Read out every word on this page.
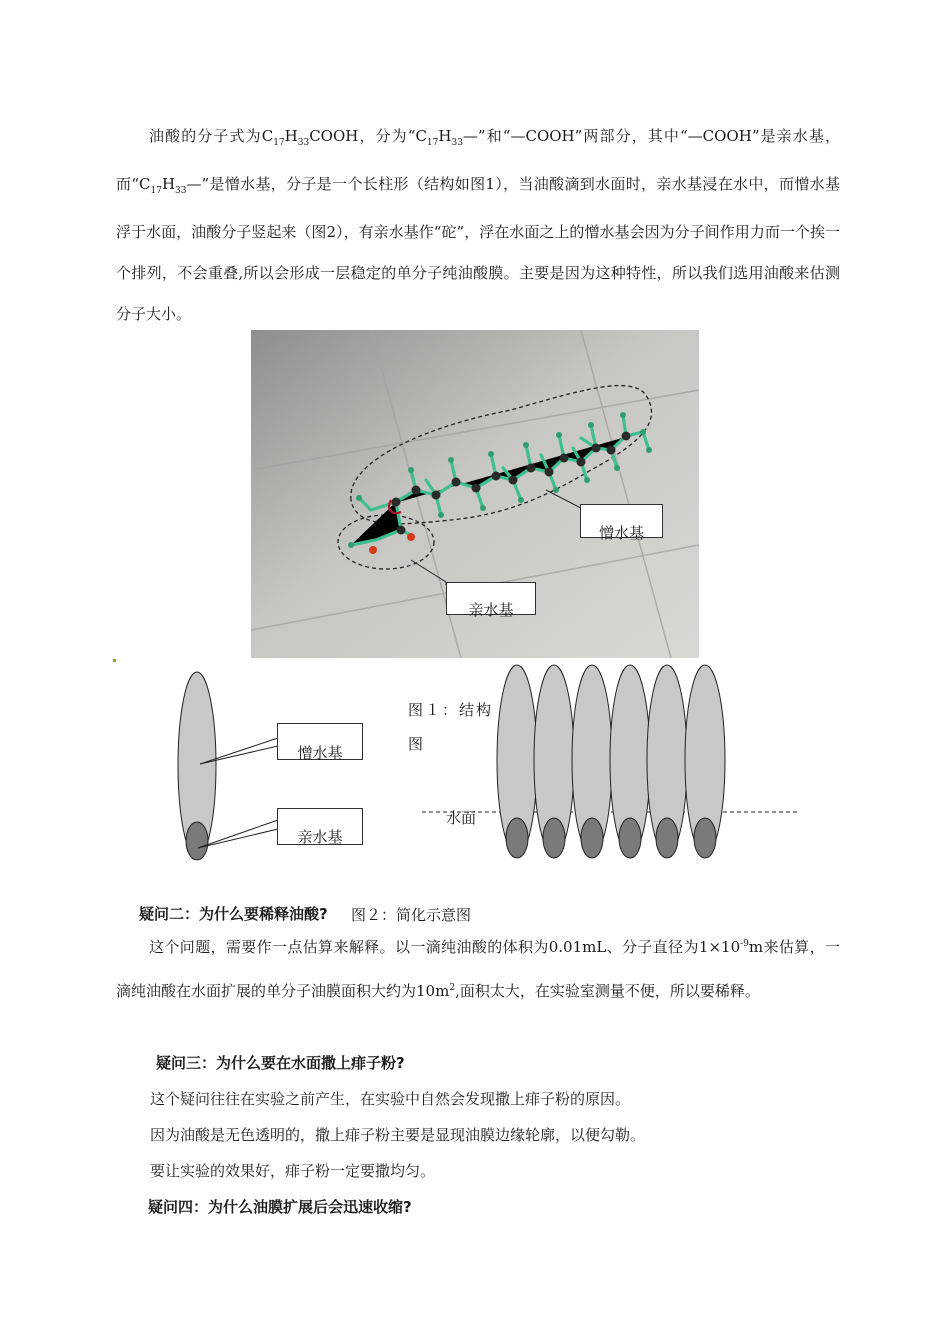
油酸的分子式为$C_{17}H_{33}COOH$，分为“$C_{17}H_{33}—$”和“—COOH”两部分，其中“—COOH”是亲水基，而“$C_{17}H_{33}—$”是憎水基，分子是一个长柱形（结构如图1），当油酸滴到水面时，亲水基浸在水中，而憎水基浮于水面，油酸分子竖起来（图2），有亲水基作“砣”，浮在水面之上的憎水基会因为分子间作用力而一个挨一个排列，不会重叠,所以会形成一层稳定的单分子纯油酸膜。主要是因为这种特性，所以我们选用油酸来估测分子大小。

憎水基
亲水基
憎水基
亲水基
图１：结构图
水面
疑问二：为什么要稀释油酸? 图２：简化示意图

这个问题，需要作一点估算来解释。以一滴纯油酸的体积为0.01mL、分子直径为$1\times 10^{-9}m$来估算，一滴纯油酸在水面扩展的单分子油膜面积大约为$10m^2$,面积太大，在实验室测量不便，所以要稀释。

疑问三：为什么要在水面撒上痱子粉?

这个疑问往往在实验之前产生，在实验中自然会发现撒上痱子粉的原因。

因为油酸是无色透明的，撒上痱子粉主要是显现油膜边缘轮廓，以便勾勒。

要让实验的效果好，痱子粉一定要撒均匀。

疑问四：为什么油膜扩展后会迅速收缩?
